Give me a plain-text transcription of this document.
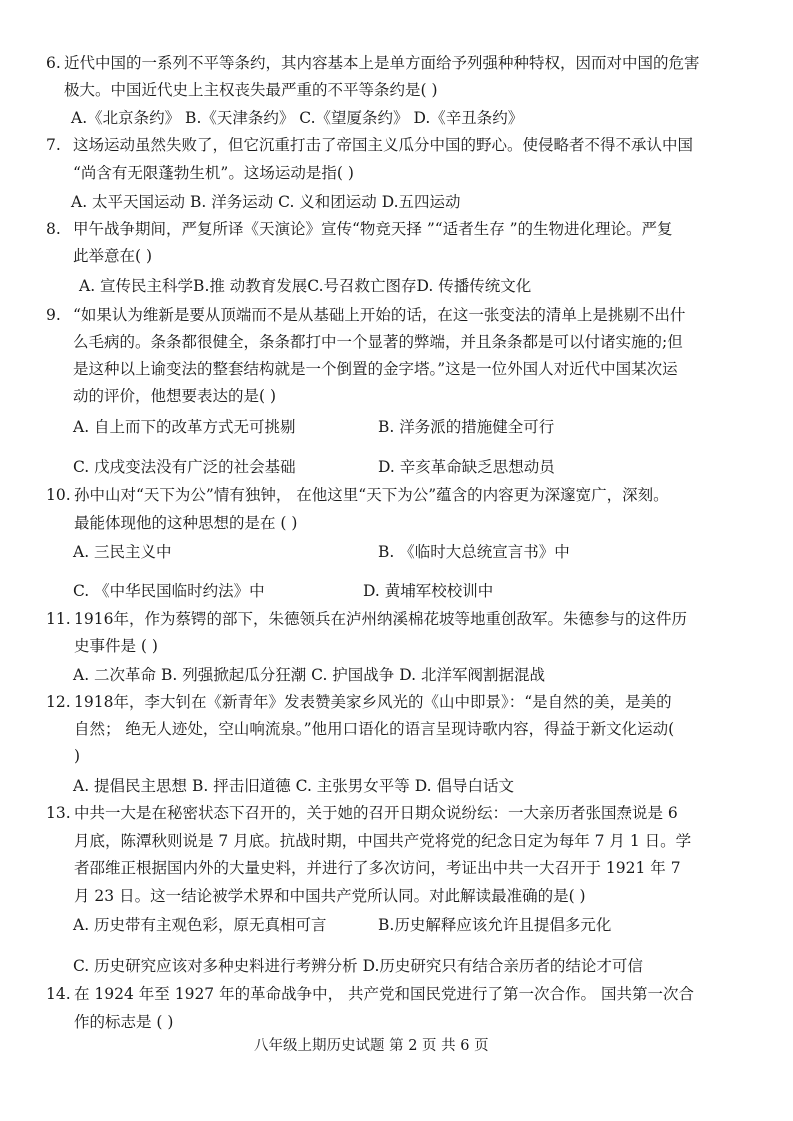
6. 近代中国的一系列不平等条约，其内容基本上是单方面给予列强种种特权，因而对中国的危害
极大。中国近代史上主权丧失最严重的不平等条约是( )
A.《北京条约》 B.《天津条约》 C.《望厦条约》 D.《辛丑条约》
7. 这场运动虽然失败了，但它沉重打击了帝国主义瓜分中国的野心。使侵略者不得不承认中国
“尚含有无限蓬勃生机”。这场运动是指( )
A. 太平天国运动 B. 洋务运动 C. 义和团运动 D.五四运动
8. 甲午战争期间，严复所译《天演论》宣传“物竞天择 ”“适者生存 ”的生物进化理论。严复
此举意在( )
A. 宣传民主科学B.推 动教育发展C.号召救亡图存D. 传播传统文化
9. “如果认为维新是要从顶端而不是从基础上开始的话，在这一张变法的清单上是挑剔不出什
么毛病的。条条都很健全，条条都打中一个显著的弊端，并且条条都是可以付诸实施的;但
是这种以上谕变法的整套结构就是一个倒置的金字塔。”这是一位外国人对近代中国某次运
动的评价，他想要表达的是( )
A. 自上而下的改革方式无可挑剔	B. 洋务派的措施健全可行
C. 戊戌变法没有广泛的社会基础	D. 辛亥革命缺乏思想动员
10. 孙中山对“天下为公”情有独钟， 在他这里“天下为公”蕴含的内容更为深邃宽广，深刻。
最能体现他的这种思想的是在 ( )
A. 三民主义中	B. 《临时大总统宣言书》中
C. 《中华民国临时约法》中	D. 黄埔军校校训中
11. 1916年，作为蔡锷的部下，朱德领兵在泸州纳溪棉花坡等地重创敌军。朱德参与的这件历
史事件是 ( )
A. 二次革命 B. 列强掀起瓜分狂潮 C. 护国战争 D. 北洋军阀割据混战
12. 1918年，李大钊在《新青年》发表赞美家乡风光的《山中即景》：“是自然的美，是美的
自然； 绝无人迹处，空山响流泉。”他用口语化的语言呈现诗歌内容，得益于新文化运动(
)
A. 提倡民主思想 B. 抨击旧道德 C. 主张男女平等 D. 倡导白话文
13. 中共一大是在秘密状态下召开的，关于她的召开日期众说纷纭：一大亲历者张国焘说是 6
月底，陈潭秋则说是 7 月底。抗战时期，中国共产党将党的纪念日定为每年 7 月 1 日。学
者邵维正根据国内外的大量史料，并进行了多次访问，考证出中共一大召开于 1921 年 7
月 23 日。这一结论被学术界和中国共产党所认同。对此解读最准确的是( )
A. 历史带有主观色彩，原无真相可言	B.历史解释应该允许且提倡多元化
C. 历史研究应该对多种史料进行考辨分析 D.历史研究只有结合亲历者的结论才可信
14. 在 1924 年至 1927 年的革命战争中， 共产党和国民党进行了第一次合作。 国共第一次合
作的标志是 ( )
八年级上期历史试题 第 2 页 共 6 页
